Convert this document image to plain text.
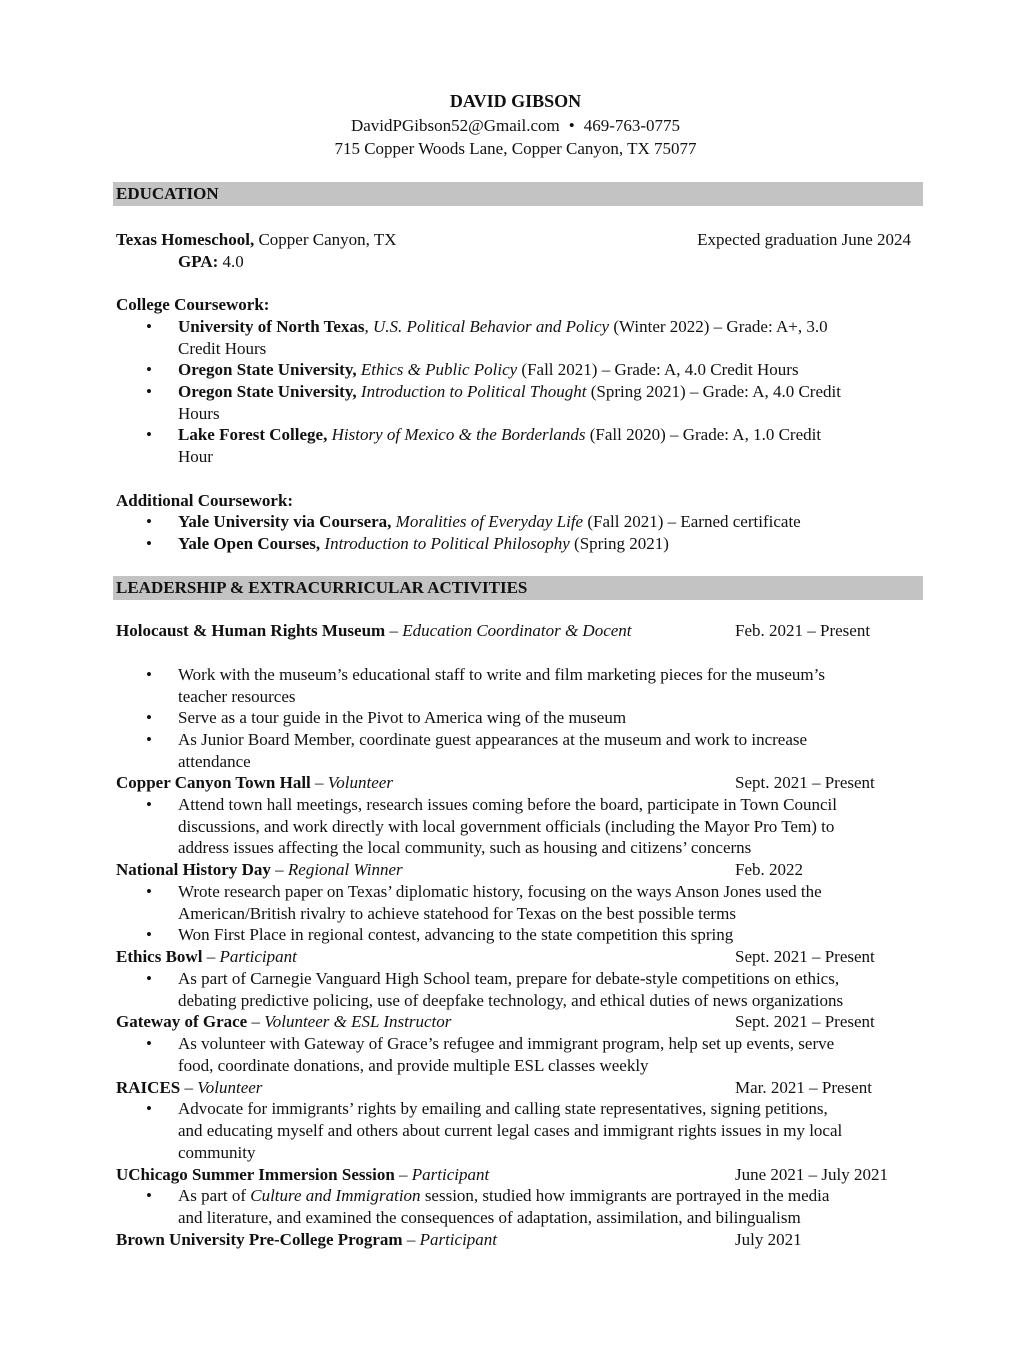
DAVID GIBSON
DavidPGibson52@Gmail.com • 469-763-0775
715 Copper Woods Lane, Copper Canyon, TX 75077
EDUCATION
Texas Homeschool, Copper Canyon, TX	Expected graduation June 2024
GPA: 4.0
College Coursework:
• University of North Texas, U.S. Political Behavior and Policy (Winter 2022) – Grade: A+, 3.0
Credit Hours
• Oregon State University, Ethics & Public Policy (Fall 2021) – Grade: A, 4.0 Credit Hours
• Oregon State University, Introduction to Political Thought (Spring 2021) – Grade: A, 4.0 Credit
Hours
• Lake Forest College, History of Mexico & the Borderlands (Fall 2020) – Grade: A, 1.0 Credit
Hour
Additional Coursework:
• Yale University via Coursera, Moralities of Everyday Life (Fall 2021) – Earned certificate
• Yale Open Courses, Introduction to Political Philosophy (Spring 2021)
LEADERSHIP & EXTRACURRICULAR ACTIVITIES
Holocaust & Human Rights Museum – Education Coordinator & Docent	Feb. 2021 – Present
• Work with the museum’s educational staff to write and film marketing pieces for the museum’s
teacher resources
• Serve as a tour guide in the Pivot to America wing of the museum
• As Junior Board Member, coordinate guest appearances at the museum and work to increase
attendance
Copper Canyon Town Hall – Volunteer	Sept. 2021 – Present
• Attend town hall meetings, research issues coming before the board, participate in Town Council
discussions, and work directly with local government officials (including the Mayor Pro Tem) to
address issues affecting the local community, such as housing and citizens’ concerns
National History Day – Regional Winner	Feb. 2022
• Wrote research paper on Texas’ diplomatic history, focusing on the ways Anson Jones used the
American/British rivalry to achieve statehood for Texas on the best possible terms
• Won First Place in regional contest, advancing to the state competition this spring
Ethics Bowl – Participant	Sept. 2021 – Present
• As part of Carnegie Vanguard High School team, prepare for debate-style competitions on ethics,
debating predictive policing, use of deepfake technology, and ethical duties of news organizations
Gateway of Grace – Volunteer & ESL Instructor	Sept. 2021 – Present
• As volunteer with Gateway of Grace’s refugee and immigrant program, help set up events, serve
food, coordinate donations, and provide multiple ESL classes weekly
RAICES – Volunteer	Mar. 2021 – Present
• Advocate for immigrants’ rights by emailing and calling state representatives, signing petitions,
and educating myself and others about current legal cases and immigrant rights issues in my local
community
UChicago Summer Immersion Session – Participant	June 2021 – July 2021
• As part of Culture and Immigration session, studied how immigrants are portrayed in the media
and literature, and examined the consequences of adaptation, assimilation, and bilingualism
Brown University Pre-College Program – Participant	July 2021
